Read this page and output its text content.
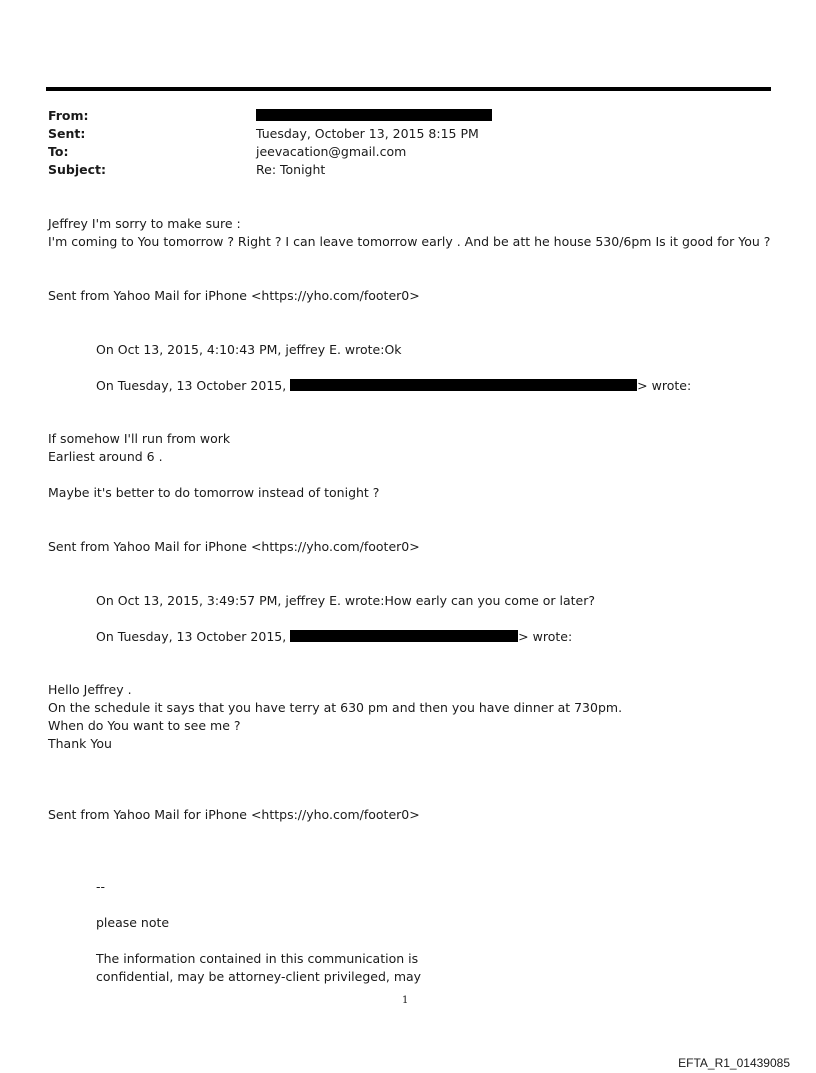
From:
Sent:	Tuesday, October 13, 2015 8:15 PM
To:	jeevacation@gmail.com
Subject:	Re: Tonight
Jeffrey I'm sorry to make sure :
I'm coming to You tomorrow ? Right ? I can leave tomorrow early . And be att he house 530/6pm Is it good for You ?
Sent from Yahoo Mail for iPhone <https://yho.com/footer0>
On Oct 13, 2015, 4:10:43 PM, jeffrey E. wrote:Ok
On Tuesday, 13 October 2015,	> wrote:
If somehow I'll run from work
Earliest around 6 .
Maybe it's better to do tomorrow instead of tonight ?
Sent from Yahoo Mail for iPhone <https://yho.com/footer0>
On Oct 13, 2015, 3:49:57 PM, jeffrey E. wrote:How early can you come or later?
On Tuesday, 13 October 2015,	> wrote:
Hello Jeffrey .
On the schedule it says that you have terry at 630 pm and then you have dinner at 730pm.
When do You want to see me ?
Thank You
Sent from Yahoo Mail for iPhone <https://yho.com/footer0>
--
please note
The information contained in this communication is
confidential, may be attorney-client privileged, may
1
EFTA_R1_01439085
